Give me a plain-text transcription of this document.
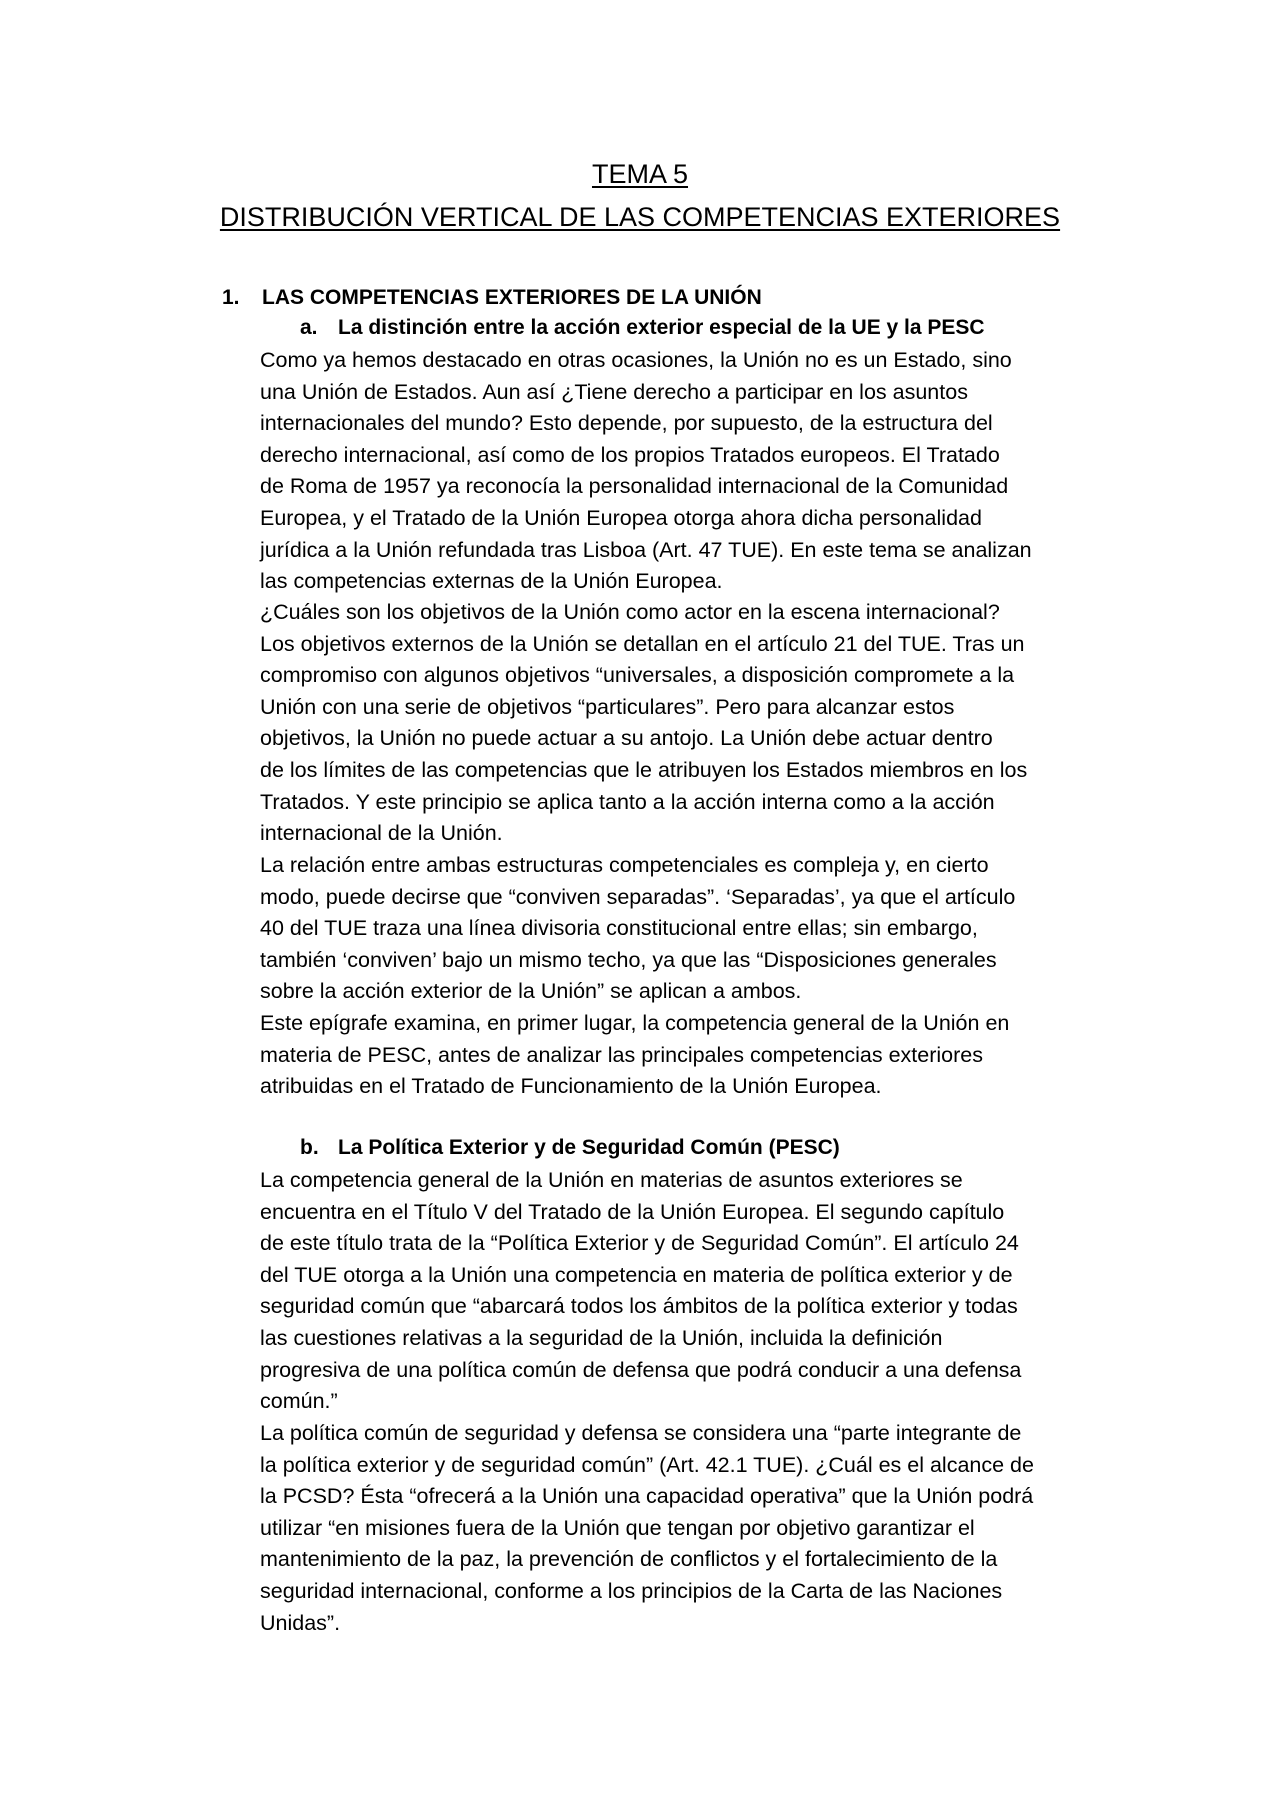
TEMA 5
DISTRIBUCIÓN VERTICAL DE LAS COMPETENCIAS EXTERIORES
1. LAS COMPETENCIAS EXTERIORES DE LA UNIÓN
a. La distinción entre la acción exterior especial de la UE y la PESC

Como ya hemos destacado en otras ocasiones, la Unión no es un Estado, sino
una Unión de Estados. Aun así ¿Tiene derecho a participar en los asuntos
internacionales del mundo? Esto depende, por supuesto, de la estructura del
derecho internacional, así como de los propios Tratados europeos. El Tratado
de Roma de 1957 ya reconocía la personalidad internacional de la Comunidad
Europea, y el Tratado de la Unión Europea otorga ahora dicha personalidad
jurídica a la Unión refundada tras Lisboa (Art. 47 TUE). En este tema se analizan
las competencias externas de la Unión Europea.

¿Cuáles son los objetivos de la Unión como actor en la escena internacional?
Los objetivos externos de la Unión se detallan en el artículo 21 del TUE. Tras un
compromiso con algunos objetivos “universales, a disposición compromete a la
Unión con una serie de objetivos “particulares”. Pero para alcanzar estos
objetivos, la Unión no puede actuar a su antojo. La Unión debe actuar dentro
de los límites de las competencias que le atribuyen los Estados miembros en los
Tratados. Y este principio se aplica tanto a la acción interna como a la acción
internacional de la Unión.

La relación entre ambas estructuras competenciales es compleja y, en cierto
modo, puede decirse que “conviven separadas”. ‘Separadas’, ya que el artículo
40 del TUE traza una línea divisoria constitucional entre ellas; sin embargo,
también ‘conviven’ bajo un mismo techo, ya que las “Disposiciones generales
sobre la acción exterior de la Unión” se aplican a ambos.

Este epígrafe examina, en primer lugar, la competencia general de la Unión en
materia de PESC, antes de analizar las principales competencias exteriores
atribuidas en el Tratado de Funcionamiento de la Unión Europea.

b. La Política Exterior y de Seguridad Común (PESC)

La competencia general de la Unión en materias de asuntos exteriores se
encuentra en el Título V del Tratado de la Unión Europea. El segundo capítulo
de este título trata de la “Política Exterior y de Seguridad Común”. El artículo 24
del TUE otorga a la Unión una competencia en materia de política exterior y de
seguridad común que “abarcará todos los ámbitos de la política exterior y todas
las cuestiones relativas a la seguridad de la Unión, incluida la definición
progresiva de una política común de defensa que podrá conducir a una defensa
común.”

La política común de seguridad y defensa se considera una “parte integrante de
la política exterior y de seguridad común” (Art. 42.1 TUE). ¿Cuál es el alcance de
la PCSD? Ésta “ofrecerá a la Unión una capacidad operativa” que la Unión podrá
utilizar “en misiones fuera de la Unión que tengan por objetivo garantizar el
mantenimiento de la paz, la prevención de conflictos y el fortalecimiento de la
seguridad internacional, conforme a los principios de la Carta de las Naciones
Unidas”.
